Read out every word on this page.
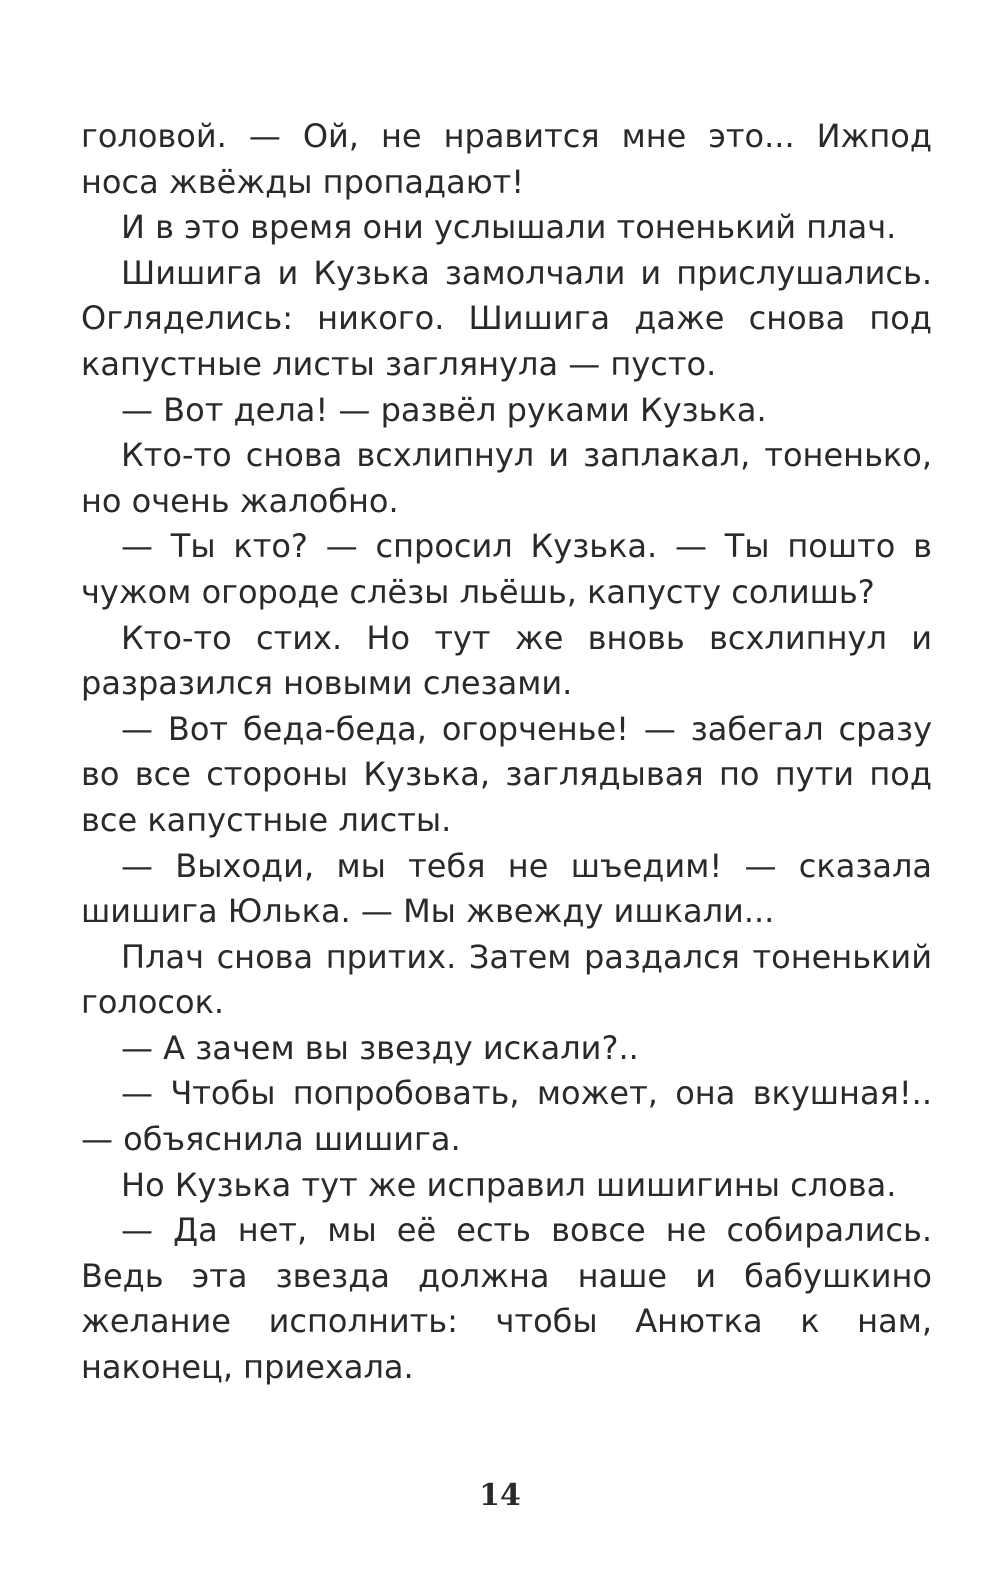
головой. — Ой, не нравится мне это... Ижпод носа жвёжды пропадают!

И в это время они услышали тоненький плач.

Шишига и Кузька замолчали и прислушались. Огляделись: никого. Шишига даже снова под капустные листы заглянула — пусто.

— Вот дела! — развёл руками Кузька.

Кто-то снова всхлипнул и заплакал, тоненько, но очень жалобно.

— Ты кто? — спросил Кузька. — Ты пошто в чужом огороде слёзы льёшь, капусту солишь?

Кто-то стих. Но тут же вновь всхлипнул и разразился новыми слезами.

— Вот беда-беда, огорченье! — забегал сразу во все стороны Кузька, заглядывая по пути под все капустные листы.

— Выходи, мы тебя не шъедим! — сказала шишига Юлька. — Мы жвежду ишкали...

Плач снова притих. Затем раздался тоненький голосок.

— А зачем вы звезду искали?..

— Чтобы попробовать, может, она вкушная!.. — объяснила шишига.

Но Кузька тут же исправил шишигины слова.

— Да нет, мы её есть вовсе не собирались. Ведь эта звезда должна наше и бабушкино желание исполнить: чтобы Анютка к нам, наконец, приехала.

14
